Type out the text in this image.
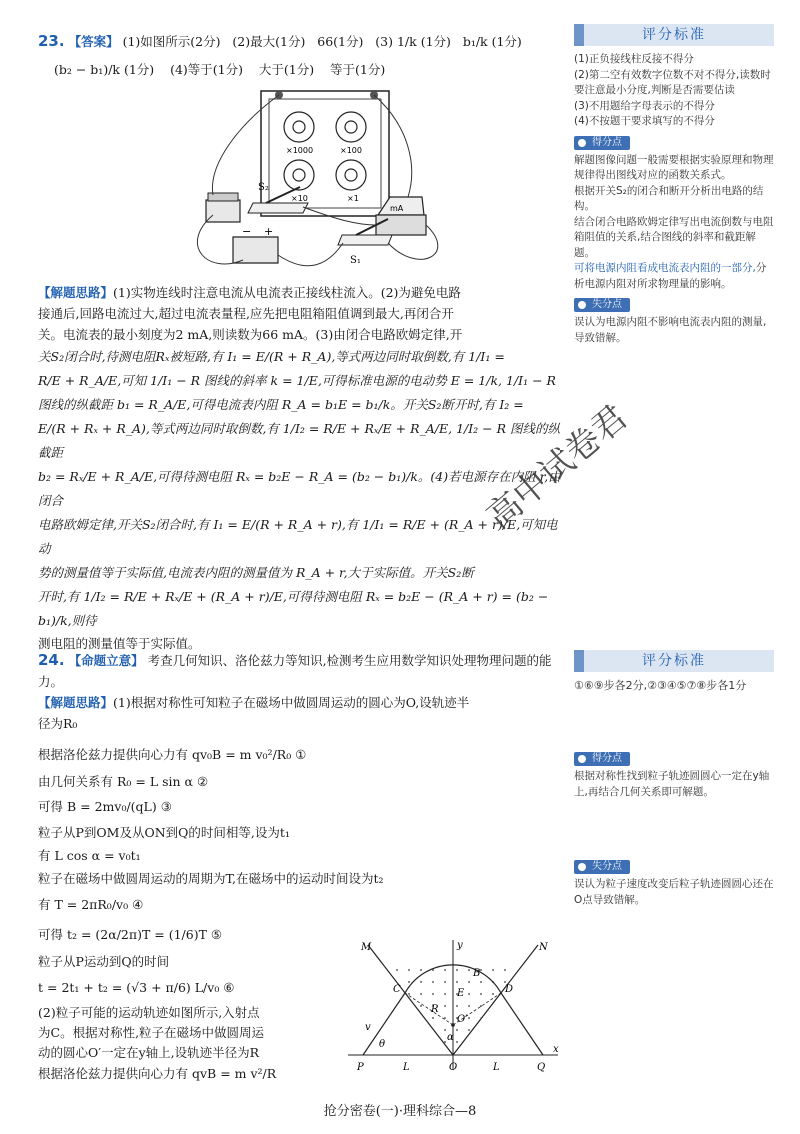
23. 【答案】 (1)如图所示(2分) (2)最大(1分) 66(1分) (3) 1/k (1分) b₁/k (1分)
(b₂ − b₁)/k (1分) (4)等于(1分) 大于(1分) 等于(1分)
×1000	×100
×10	×1
mA
− +
S₂
S₁

【解题思路】(1)实物连线时注意电流从电流表正接线柱流入。(2)为避免电路

接通后,回路电流过大,超过电流表量程,应先把电阻箱阻值调到最大,再闭合开

关。电流表的最小刻度为2 mA,则读数为66 mA。(3)由闭合电路欧姆定律,开

关S₂闭合时,待测电阻Rₓ被短路,有 I₁ = E/(R + R_A),等式两边同时取倒数,有 1/I₁ =

R/E + R_A/E,可知 1/I₁ − R 图线的斜率 k = 1/E,可得标准电源的电动势 E = 1/k, 1/I₁ − R

图线的纵截距 b₁ = R_A/E,可得电流表内阻 R_A = b₁E = b₁/k。开关S₂断开时,有 I₂ =

E/(R + Rₓ + R_A),等式两边同时取倒数,有 1/I₂ = R/E + Rₓ/E + R_A/E, 1/I₂ − R 图线的纵截距

b₂ = Rₓ/E + R_A/E,可得待测电阻 Rₓ = b₂E − R_A = (b₂ − b₁)/k。(4)若电源存在内阻 r,由闭合

电路欧姆定律,开关S₂闭合时,有 I₁ = E/(R + R_A + r),有 1/I₁ = R/E + (R_A + r)/E,可知电动

势的测量值等于实际值,电流表内阻的测量值为 R_A + r,大于实际值。开关S₂断

开时,有 1/I₂ = R/E + Rₓ/E + (R_A + r)/E,可得待测电阻 Rₓ = b₂E − (R_A + r) = (b₂ − b₁)/k,则待

测电阻的测量值等于实际值。

评分标准
(1)正负接线柱反接不得分
(2)第二空有效数字位数不对不得分,读数时要注意最小分度,判断是否需要估读
(3)不用题给字母表示的不得分
(4)不按题干要求填写的不得分
得分点
解题图像问题一般需要根据实验原理和物理规律得出图线对应的函数关系式。
根据开关S₂的闭合和断开分析出电路的结构。
结合闭合电路欧姆定律写出电流倒数与电阻箱阻值的关系,结合图线的斜率和截距解题。
可将电源内阻看成电流表内阻的一部分,分析电源内阻对所求物理量的影响。
失分点
误认为电源内阻不影响电流表内阻的测量,导致错解。

24. 【命题立意】 考查几何知识、洛伦兹力等知识,检测考生应用数学知识处理物理问题的能力。

【解题思路】(1)根据对称性可知粒子在磁场中做圆周运动的圆心为O,设轨迹半

径为R₀

根据洛伦兹力提供向心力有 qv₀B = m v₀²/R₀ ①

由几何关系有 R₀ = L sin α ②

可得 B = 2mv₀/(qL) ③

粒子从P到OM及从ON到Q的时间相等,设为t₁

有 L cos α = v₀t₁

粒子在磁场中做圆周运动的周期为T,在磁场中的运动时间设为t₂

有 T = 2πR₀/v₀ ④

可得 t₂ = (2α/2π)T = (1/6)T ⑤

粒子从P运动到Q的时间

t = 2t₁ + t₂ = (√3 + π/6) L/v₀ ⑥

(2)粒子可能的运动轨迹如图所示,入射点

为C。根据对称性,粒子在磁场中做圆周运

动的圆心O′一定在y轴上,设轨迹半径为R

根据洛伦兹力提供向心力有 qvB = m v²/R

M	N
y
B
C	D
E
R
O′
α
θ
v
P	L	O	L	Q
x
评分标准
①⑥⑨步各2分,②③④⑤⑦⑧步各1分
得分点
根据对称性找到粒子轨迹圆圆心一定在y轴上,再结合几何关系即可解题。
失分点
误认为粒子速度改变后粒子轨迹圆圆心还在O点导致错解。
高中试卷君
抢分密卷(一)·理科综合—8
